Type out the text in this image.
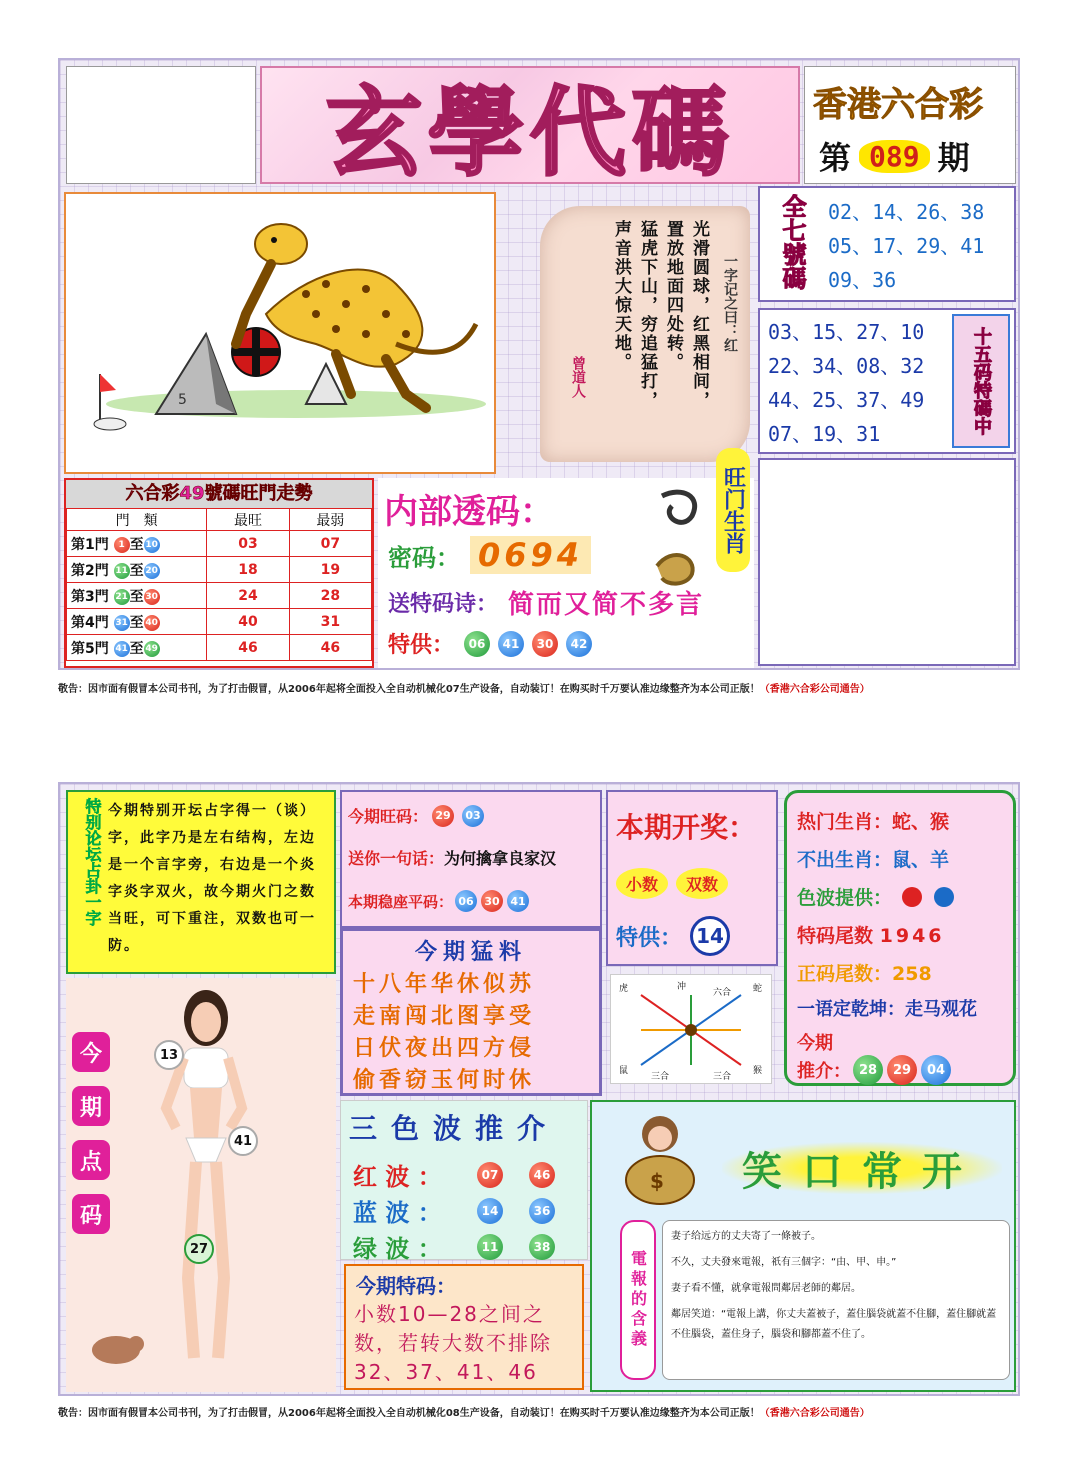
玄學代碼 香港六合彩
第 089 期
5
一字记之曰：红
光滑圆球，红黑相间，
置放地面四处转。
猛虎下山，穷追猛打，
声音洪大惊天地。
曾道人
全七號碼	02、14、26、38
05、17、29、41
09、36
03、15、27、10
22、34、08、32
44、25、37、49
07、19、31	十五码特碼中
六合彩49號碼旺門走勢
門　類	最旺	最弱
第1門 1 至 10	03	07
第2門 11 至 20	18	19
第3門 21 至 30	24	28
第4門 31 至 40	40	31
第5門 41 至 49	46	46
内部透码：
密码： 0694
送特码诗： 简而又简不多言
特供：	06	41	30	42
旺门生肖
敬告：因市面有假冒本公司书刊，为了打击假冒，从2006年起将全面投入全自动机械化07生产设备，自动装订！在购买时千万要认准边缘整齐为本公司正版！（香港六合彩公司通告）
特别论坛占卦一字 今期特别开坛占字得一（谈）字，此字乃是左右结构，左边是一个言字旁，右边是一个炎字炎字双火，故今期火门之数当旺，可下重注，双数也可一防。
今期旺码： 29	03
送你一句话： 为何擒拿良家汉
本期稳座平码： 06 30 41
本期开奖：
小数	双数
特供： 14
热门生肖：蛇、猴
不出生肖：鼠、羊
色波提供：
特码尾数 1946
正码尾数：258
一语定乾坤：走马观花
今期
推介： 28	29	04
今期猛料
十八年华休似苏
走南闯北图享受
日伏夜出四方侵
偷香窃玉何时休
虎	冲
六合 蛇
鼠
三合	三合
猴
今
期
点
码
13
41
27
三色波推介
红 波 ：	07	46
蓝 波 ：	14	36
绿 波 ：	11	38
今期特码：
小数10—28之间之数，若转大数不排除32、37、41、46
$	笑口常开
電報的含義
妻子给远方的丈夫寄了一條被子。
不久，丈夫發來電報，祇有三個字：“由、甲、申。”
妻子看不懂，就拿電報問鄰居老師的鄰居。
鄰居笑道：“電報上講，你丈夫蓋被子，蓋住腦袋就蓋不住腳，蓋住腳就蓋不住腦袋，蓋住身子，腦袋和腳都蓋不住了。
敬告：因市面有假冒本公司书刊，为了打击假冒，从2006年起将全面投入全自动机械化08生产设备，自动装订！在购买时千万要认准边缘整齐为本公司正版！（香港六合彩公司通告）
